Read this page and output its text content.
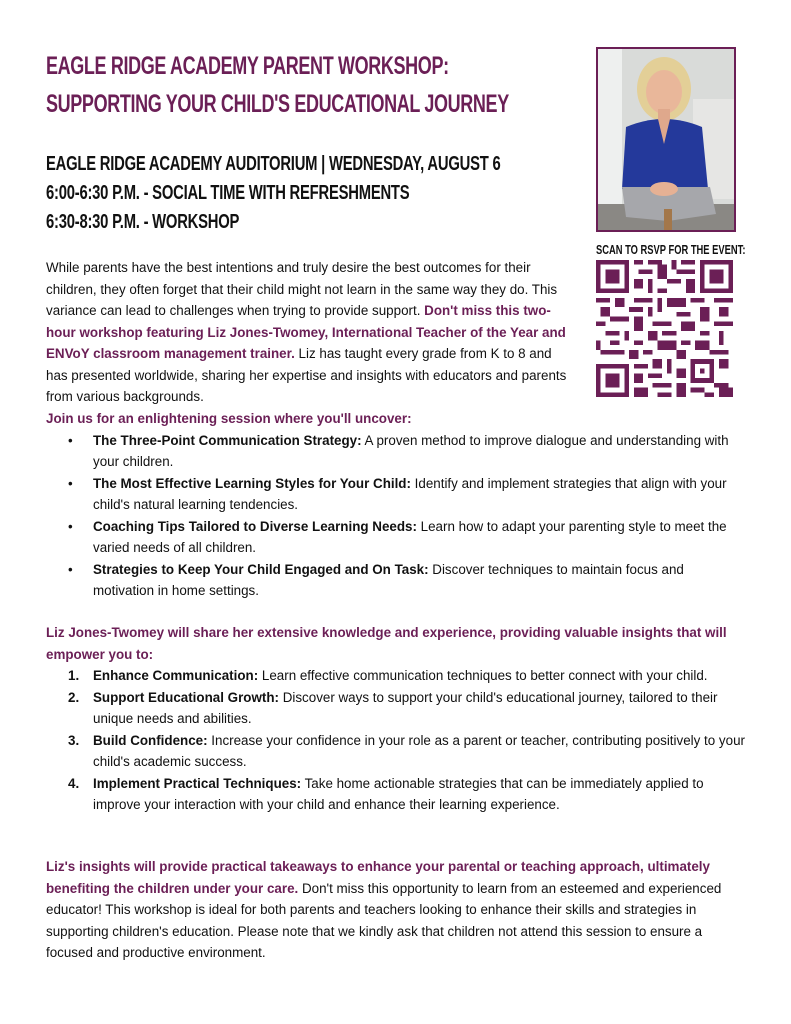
EAGLE RIDGE ACADEMY PARENT WORKSHOP:
SUPPORTING YOUR CHILD'S EDUCATIONAL JOURNEY
EAGLE RIDGE ACADEMY AUDITORIUM | WEDNESDAY, AUGUST 6
6:00-6:30 P.M. - SOCIAL TIME WITH REFRESHMENTS
6:30-8:30 P.M. - WORKSHOP
SCAN TO RSVP FOR THE EVENT:
While parents have the best intentions and truly desire the best outcomes for their children, they often forget that their child might not learn in the same way they do. This variance can lead to challenges when trying to provide support. Don't miss this two-hour workshop featuring Liz Jones-Twomey, International Teacher of the Year and ENVoY classroom management trainer. Liz has taught every grade from K to 8 and has presented worldwide, sharing her expertise and insights with educators and parents from various backgrounds.
Join us for an enlightening session where you'll uncover:
• The Three-Point Communication Strategy: A proven method to improve dialogue and understanding with your children.
• The Most Effective Learning Styles for Your Child: Identify and implement strategies that align with your child's natural learning tendencies.
• Coaching Tips Tailored to Diverse Learning Needs: Learn how to adapt your parenting style to meet the varied needs of all children.
• Strategies to Keep Your Child Engaged and On Task: Discover techniques to maintain focus and motivation in home settings.
Liz Jones-Twomey will share her extensive knowledge and experience, providing valuable insights that will empower you to:
1. Enhance Communication: Learn effective communication techniques to better connect with your child.
2. Support Educational Growth: Discover ways to support your child's educational journey, tailored to their unique needs and abilities.
3. Build Confidence: Increase your confidence in your role as a parent or teacher, contributing positively to your child's academic success.
4. Implement Practical Techniques: Take home actionable strategies that can be immediately applied to improve your interaction with your child and enhance their learning experience.
Liz's insights will provide practical takeaways to enhance your parental or teaching approach, ultimately benefiting the children under your care. Don't miss this opportunity to learn from an esteemed and experienced educator! This workshop is ideal for both parents and teachers looking to enhance their skills and strategies in supporting children's education. Please note that we kindly ask that children not attend this session to ensure a focused and productive environment.
